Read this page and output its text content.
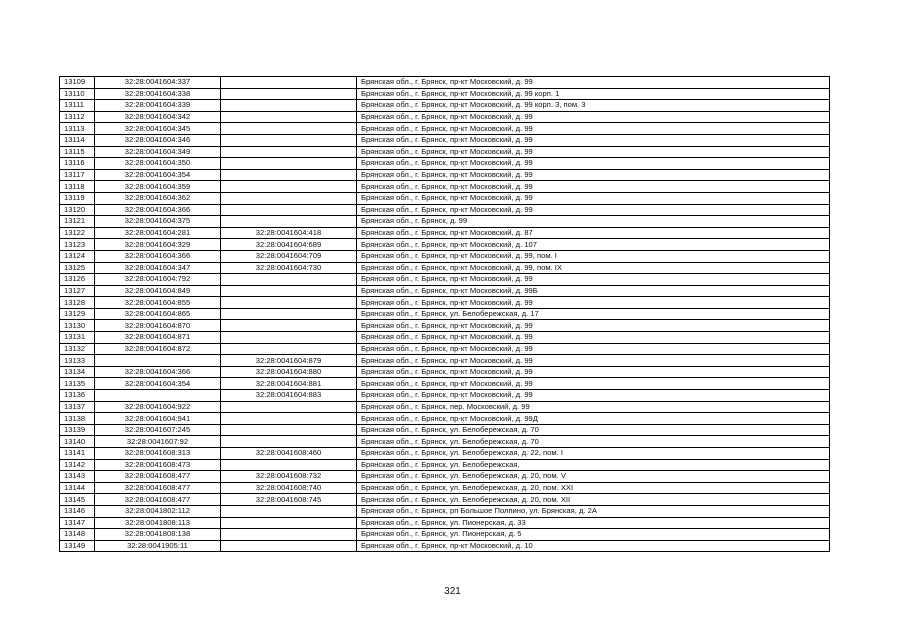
13109	32:28:0041604:337		Брянская обл., г. Брянск, пр-кт Московский, д. 99
13110	32:28:0041604:338		Брянская обл., г. Брянск, пр-кт Московский, д. 99 корп. 1
13111	32:28:0041604:339		Брянская обл., г. Брянск, пр-кт Московский, д. 99 корп. 3, пом. 3
13112	32:28:0041604:342		Брянская обл., г. Брянск, пр-кт Московский, д. 99
13113	32:28:0041604:345		Брянская обл., г. Брянск, пр-кт Московский, д. 99
13114	32:28:0041604:346		Брянская обл., г. Брянск, пр-кт Московский, д. 99
13115	32:28:0041604:349		Брянская обл., г. Брянск, пр-кт Московский, д. 99
13116	32:28:0041604:350		Брянская обл., г. Брянск, пр-кт Московский, д. 99
13117	32:28:0041604:354		Брянская обл., г. Брянск, пр-кт Московский, д. 99
13118	32:28:0041604:359		Брянская обл., г. Брянск, пр-кт Московский, д. 99
13119	32:28:0041604:362		Брянская обл., г. Брянск, пр-кт Московский, д. 99
13120	32:28:0041604:366		Брянская обл., г. Брянск, пр-кт Московский, д. 99
13121	32:28:0041604:375		Брянская обл., г. Брянск, д. 99
13122	32:28:0041604:281	32:28:0041604:418	Брянская обл., г. Брянск, пр-кт Московский, д. 87
13123	32:28:0041604:329	32:28:0041604:689	Брянская обл., г. Брянск, пр-кт Московский, д. 107
13124	32:28:0041604:366	32:28:0041604:709	Брянская обл., г. Брянск, пр-кт Московский, д. 99, пом. I
13125	32:28:0041604:347	32:28:0041604:730	Брянская обл., г. Брянск, пр-кт Московский, д. 99, пом. IX
13126	32:28:0041604:792		Брянская обл., г. Брянск, пр-кт Московский, д. 99
13127	32:28:0041604:849		Брянская обл., г. Брянск, пр-кт Московский, д. 99Б
13128	32:28:0041604:855		Брянская обл., г. Брянск, пр-кт Московский, д. 99
13129	32:28:0041604:865		Брянская обл., г. Брянск, ул. Белобережская, д. 17
13130	32:28:0041604:870		Брянская обл., г. Брянск, пр-кт Московский, д. 99
13131	32:28:0041604:871		Брянская обл., г. Брянск, пр-кт Московский, д. 99
13132	32:28:0041604:872		Брянская обл., г. Брянск, пр-кт Московский, д. 99
13133		32:28:0041604:879	Брянская обл., г. Брянск, пр-кт Московский, д. 99
13134	32:28:0041604:366	32:28:0041604:880	Брянская обл., г. Брянск, пр-кт Московский, д. 99
13135	32:28:0041604:354	32:28:0041604:881	Брянская обл., г. Брянск, пр-кт Московский, д. 99
13136		32:28:0041604:883	Брянская обл., г. Брянск, пр-кт Московский, д. 99
13137	32:28:0041604:922		Брянская обл., г. Брянск, пер. Московский, д. 99
13138	32:28:0041604:941		Брянская обл., г. Брянск, пр-кт Московский, д. 99Д
13139	32:28:0041607:245		Брянская обл., г. Брянск, ул. Белобережская, д. 70
13140	32:28:0041607:92		Брянская обл., г. Брянск, ул. Белобережская, д. 70
13141	32:28:0041608:313	32:28:0041608:460	Брянская обл., г. Брянск, ул. Белобережская, д. 22, пом. I
13142	32:28:0041608:473		Брянская обл., г. Брянск, ул. Белобережская,
13143	32:28:0041608:477	32:28:0041608:732	Брянская обл., г. Брянск, ул. Белобережская, д. 20, пом. V
13144	32:28:0041608:477	32:28:0041608:740	Брянская обл., г. Брянск, ул. Белобережская, д. 20, пом. XXI
13145	32:28:0041608:477	32:28:0041608:745	Брянская обл., г. Брянск, ул. Белобережская, д. 20, пом. XII
13146	32:28:0041802:112		Брянская обл., г. Брянск, рп Большое Полпино, ул. Брянская, д. 2А
13147	32:28:0041808:113		Брянская обл., г. Брянск, ул. Пионерская, д. 33
13148	32:28:0041808:138		Брянская обл., г. Брянск, ул. Пионерская, д. 5
13149	32:28:0041905:11		Брянская обл., г. Брянск, пр-кт Московский, д. 10
321
